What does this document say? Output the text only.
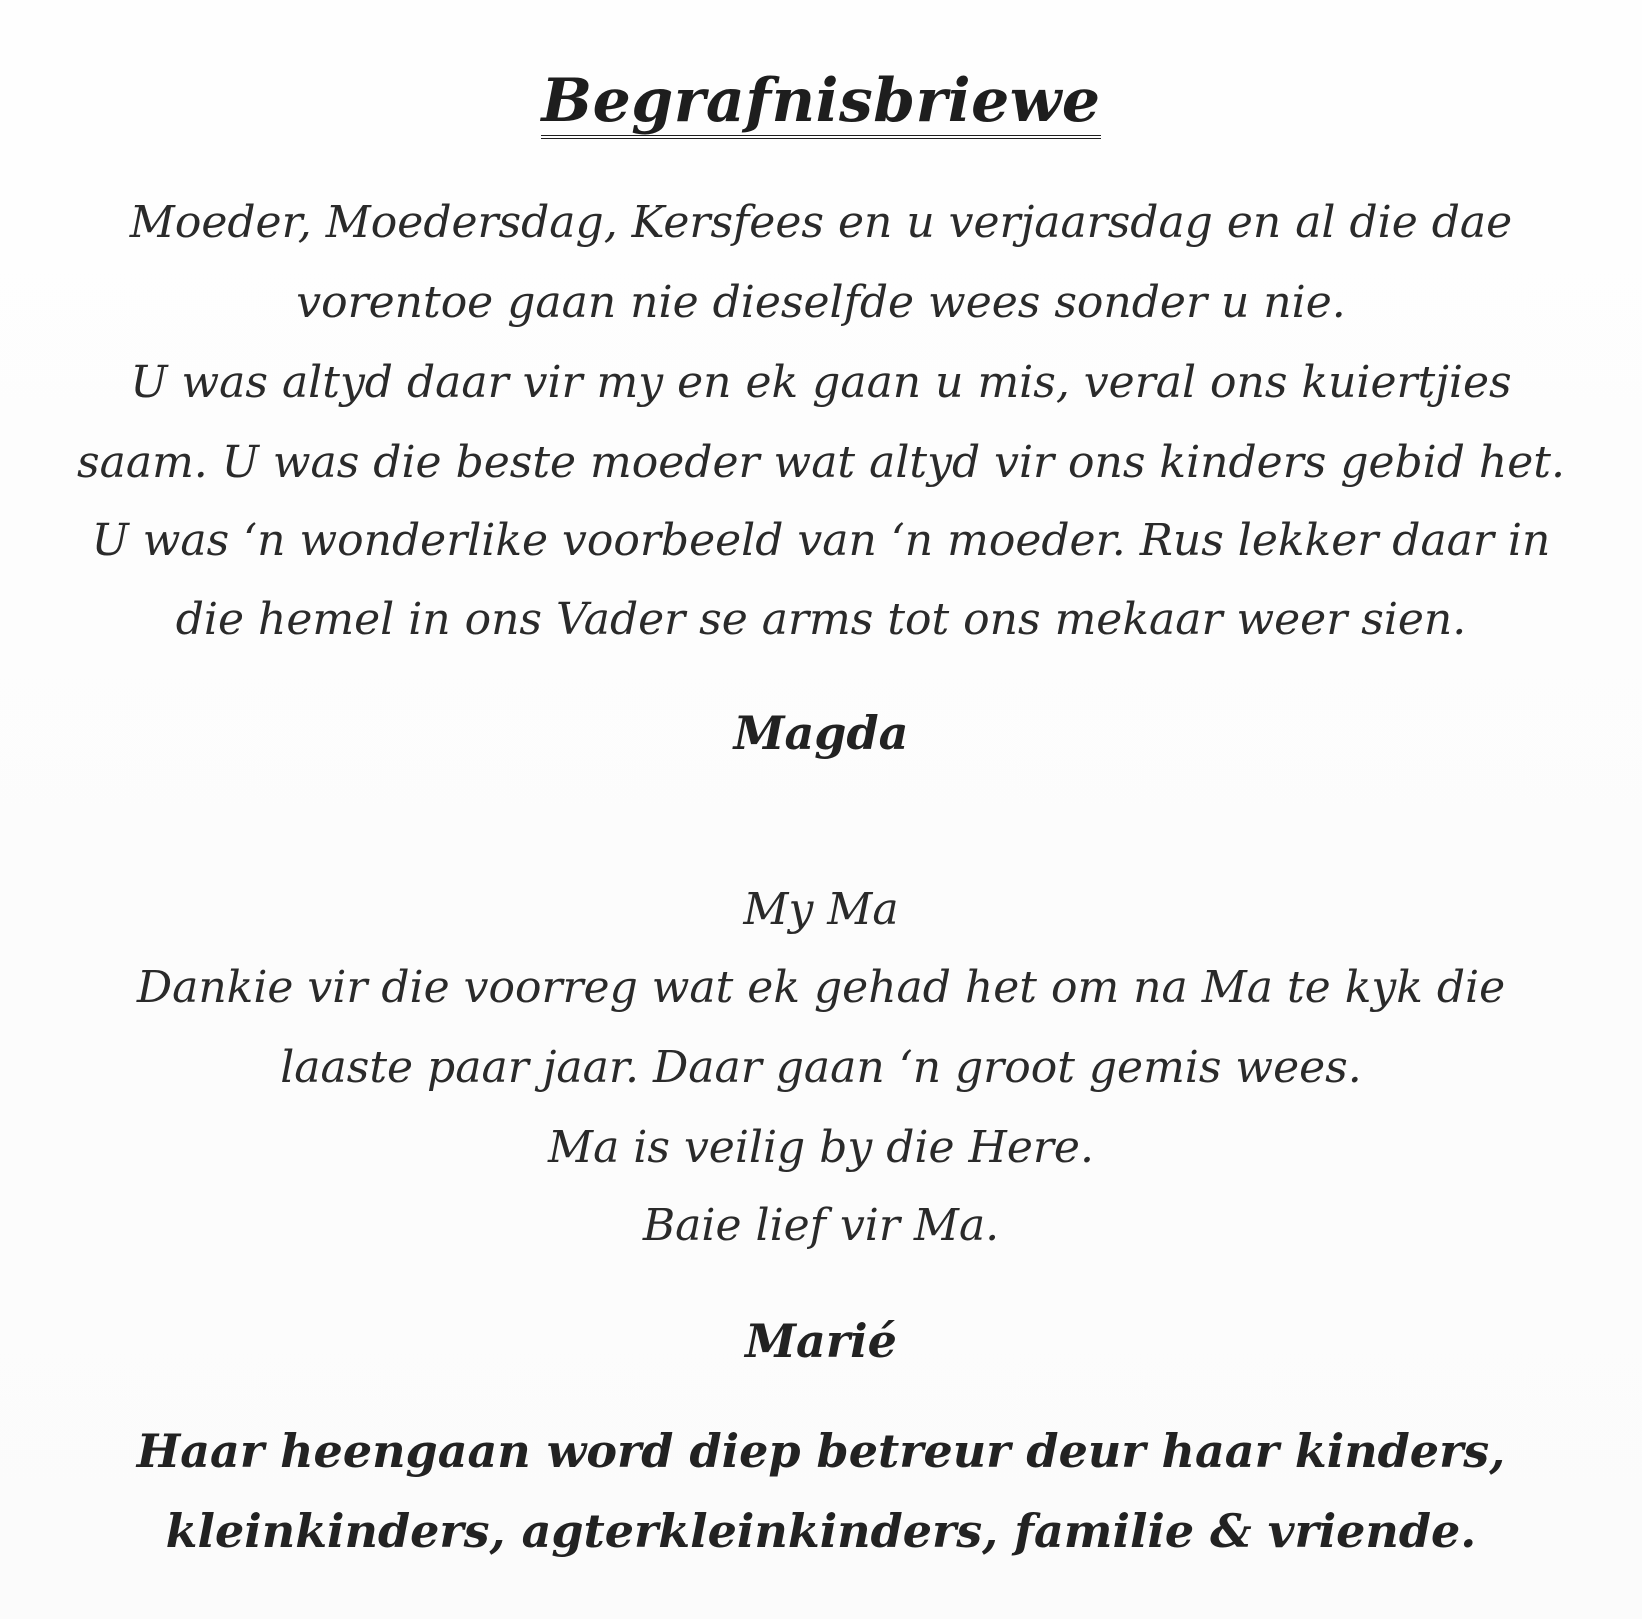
Begrafnisbriewe
Moeder, Moedersdag, Kersfees en u verjaarsdag en al die dae
vorentoe gaan nie dieselfde wees sonder u nie.
U was altyd daar vir my en ek gaan u mis, veral ons kuiertjies
saam. U was die beste moeder wat altyd vir ons kinders gebid het.
U was ‘n wonderlike voorbeeld van ‘n moeder. Rus lekker daar in
die hemel in ons Vader se arms tot ons mekaar weer sien.
Magda
My Ma
Dankie vir die voorreg wat ek gehad het om na Ma te kyk die
laaste paar jaar. Daar gaan ‘n groot gemis wees.
Ma is veilig by die Here.
Baie lief vir Ma.
Marié
Haar heengaan word diep betreur deur haar kinders,
kleinkinders, agterkleinkinders, familie & vriende.
